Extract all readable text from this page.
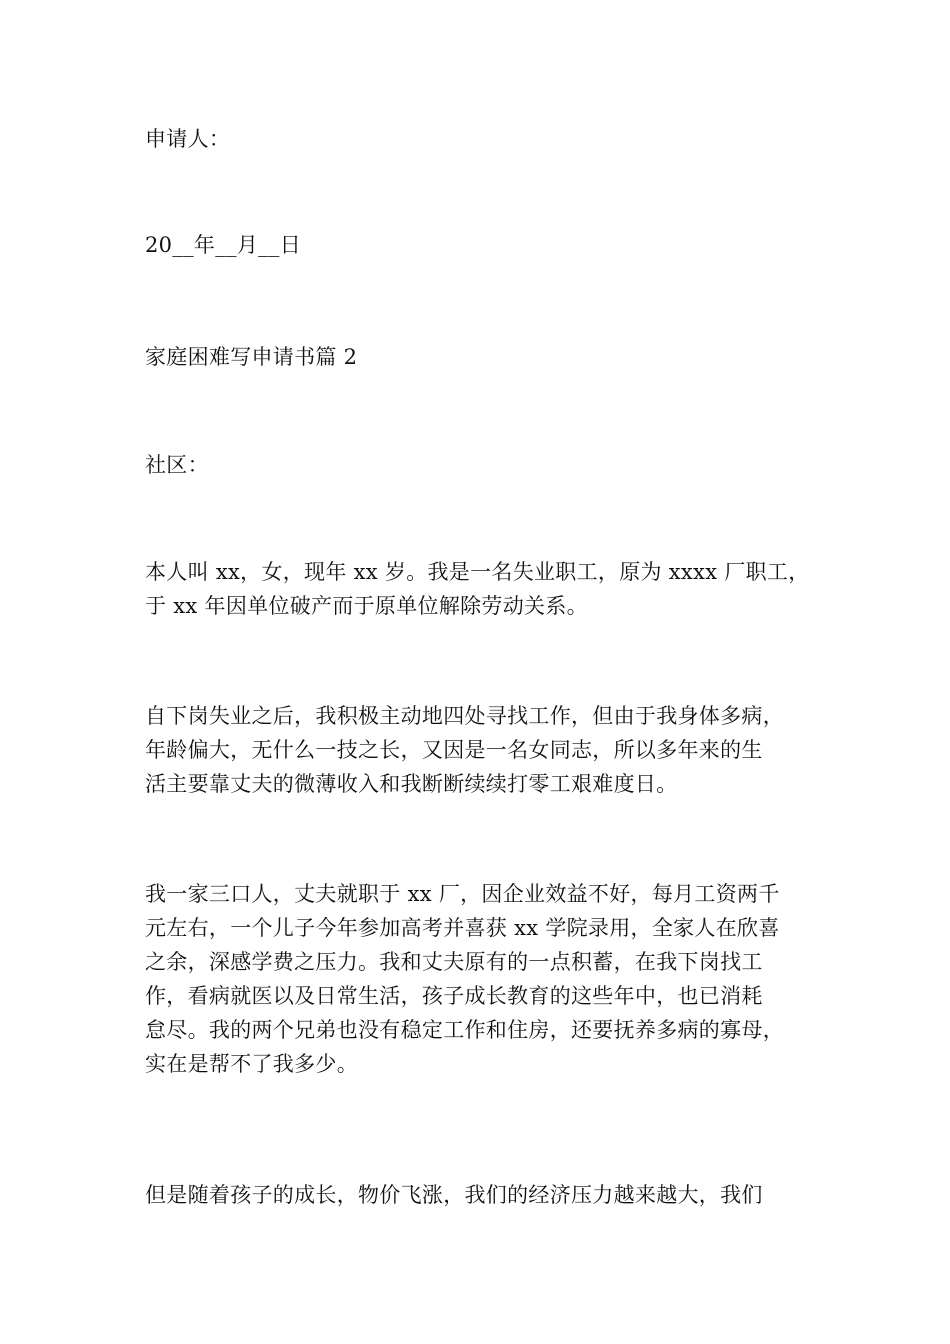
申请人：

20__年__月__日

家庭困难写申请书篇 2

社区：

本人叫 xx，女，现年 xx 岁。我是一名失业职工，原为 xxxx 厂职工，
于 xx 年因单位破产而于原单位解除劳动关系。

自下岗失业之后，我积极主动地四处寻找工作，但由于我身体多病，
年龄偏大，无什么一技之长，又因是一名女同志，所以多年来的生
活主要靠丈夫的微薄收入和我断断续续打零工艰难度日。

我一家三口人，丈夫就职于 xx 厂，因企业效益不好，每月工资两千
元左右，一个儿子今年参加高考并喜获 xx 学院录用，全家人在欣喜
之余，深感学费之压力。我和丈夫原有的一点积蓄，在我下岗找工
作，看病就医以及日常生活，孩子成长教育的这些年中，也已消耗
怠尽。我的两个兄弟也没有稳定工作和住房，还要抚养多病的寡母，
实在是帮不了我多少。

但是随着孩子的成长，物价飞涨，我们的经济压力越来越大，我们
